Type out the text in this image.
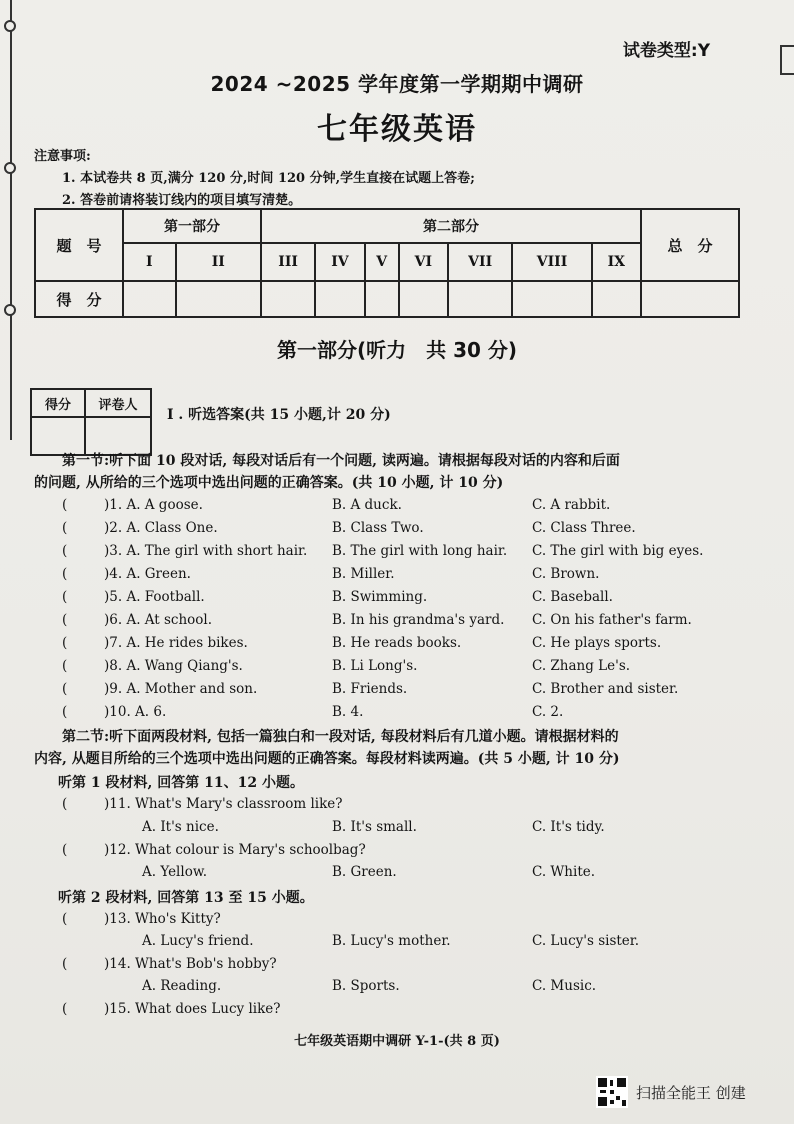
试卷类型:Y
2024 ~2025 学年度第一学期期中调研
七年级英语
注意事项:
1. 本试卷共 8 页,满分 120 分,时间 120 分钟,学生直接在试题上答卷;
2. 答卷前请将装订线内的项目填写清楚。
题　号	第一部分		第二部分							总　分
	I	II	III	IV	V	VI	VII	VIII	IX	
得　分										
第一部分(听力　共 30 分)
得分	评卷人

I . 听选答案(共 15 小题,计 20 分)
第一节:听下面 10 段对话, 每段对话后有一个问题, 读两遍。请根据每段对话的内容和后面
的问题, 从所给的三个选项中选出问题的正确答案。(共 10 小题, 计 10 分)
(	)1. A. A goose.	B. A duck.	C. A rabbit.
(	)2. A. Class One.	B. Class Two.	C. Class Three.
(	)3. A. The girl with short hair. B. The girl with long hair. C. The girl with big eyes.
(	)4. A. Green.	B. Miller.	C. Brown.
(	)5. A. Football.	B. Swimming.	C. Baseball.
(	)6. A. At school.	B. In his grandma's yard. C. On his father's farm.
(	)7. A. He rides bikes.	B. He reads books.	C. He plays sports.
(	)8. A. Wang Qiang's.	B. Li Long's.	C. Zhang Le's.
(	)9. A. Mother and son.	B. Friends.	C. Brother and sister.
(	)10. A. 6.	B. 4.	C. 2.
第二节:听下面两段材料, 包括一篇独白和一段对话, 每段材料后有几道小题。请根据材料的
内容, 从题目所给的三个选项中选出问题的正确答案。每段材料读两遍。(共 5 小题, 计 10 分)
听第 1 段材料, 回答第 11、12 小题。
(	)11. What's Mary's classroom like?
A. It's nice.	B. It's small.	C. It's tidy.
(	)12. What colour is Mary's schoolbag?
A. Yellow.	B. Green.	C. White.
听第 2 段材料, 回答第 13 至 15 小题。
(	)13. Who's Kitty?
A. Lucy's friend.	B. Lucy's mother.	C. Lucy's sister.
(	)14. What's Bob's hobby?
A. Reading.	B. Sports.	C. Music.
(	)15. What does Lucy like?
七年级英语期中调研 Y-1-(共 8 页)
扫描全能王 创建
